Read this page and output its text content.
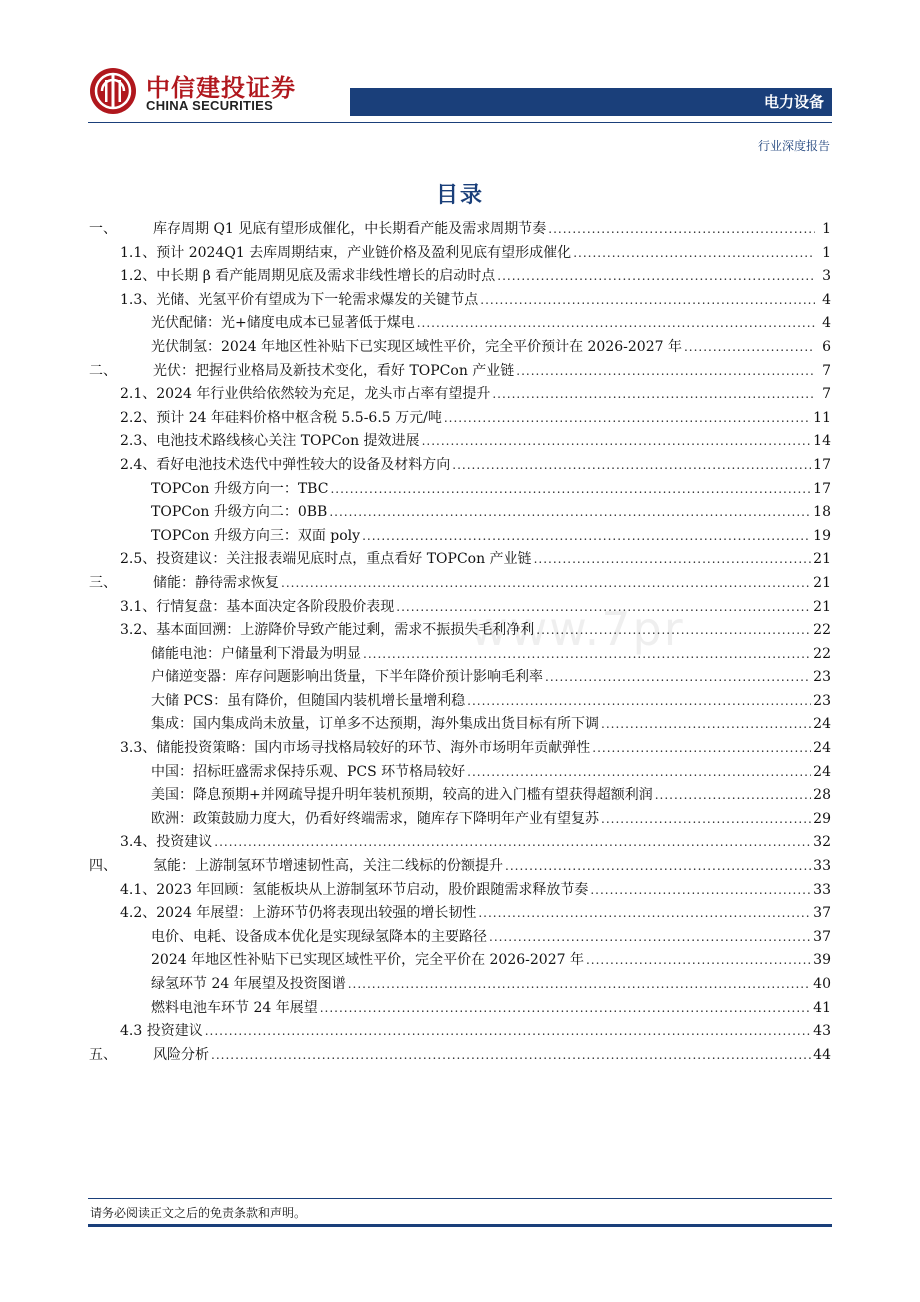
中信建投证券
CHINA SECURITIES	电力设备
行业深度报告
目录
一、	库存周期 Q1 见底有望形成催化，中长期看产能及需求周期节奏 .....	1
1.1、预计 2024Q1 去库周期结束，产业链价格及盈利见底有望形成催化 .....	1
1.2、中长期 β 看产能周期见底及需求非线性增长的启动时点 .....	3
1.3、光储、光氢平价有望成为下一轮需求爆发的关键节点 .....	4
光伏配储：光+储度电成本已显著低于煤电 .....	4
光伏制氢：2024 年地区性补贴下已实现区域性平价，完全平价预计在 2026-2027 年 .....	6
二、	光伏：把握行业格局及新技术变化，看好 TOPCon 产业链 .....	7
2.1、2024 年行业供给依然较为充足，龙头市占率有望提升 .....	7
2.2、预计 24 年硅料价格中枢含税 5.5-6.5 万元/吨 .....	11
2.3、电池技术路线核心关注 TOPCon 提效进展 .....	14
2.4、看好电池技术迭代中弹性较大的设备及材料方向 .....	17
TOPCon 升级方向一：TBC .....	17
TOPCon 升级方向二：0BB .....	18
TOPCon 升级方向三：双面 poly .....	19
2.5、投资建议：关注报表端见底时点，重点看好 TOPCon 产业链 .....	21
三、	储能：静待需求恢复 .....	21
3.1、行情复盘：基本面决定各阶段股价表现 .....	21
3.2、基本面回溯：上游降价导致产能过剩，需求不振损失毛利净利 .....	22
储能电池：户储量利下滑最为明显 .....	22
户储逆变器：库存问题影响出货量，下半年降价预计影响毛利率 .....	23
大储 PCS：虽有降价，但随国内装机增长量增利稳 .....	23
集成：国内集成尚未放量，订单多不达预期，海外集成出货目标有所下调 .....	24
3.3、储能投资策略：国内市场寻找格局较好的环节、海外市场明年贡献弹性 .....	24
中国：招标旺盛需求保持乐观、PCS 环节格局较好 .....	24
美国：降息预期+并网疏导提升明年装机预期，较高的进入门槛有望获得超额利润 .....	28
欧洲：政策鼓励力度大，仍看好终端需求，随库存下降明年产业有望复苏 .....	29
3.4、投资建议 .....	32
四、	氢能：上游制氢环节增速韧性高，关注二线标的份额提升 .....	33
4.1、2023 年回顾：氢能板块从上游制氢环节启动，股价跟随需求释放节奏 .....	33
4.2、2024 年展望：上游环节仍将表现出较强的增长韧性 .....	37
电价、电耗、设备成本优化是实现绿氢降本的主要路径 .....	37
2024 年地区性补贴下已实现区域性平价，完全平价在 2026-2027 年 .....	39
绿氢环节 24 年展望及投资图谱 .....	40
燃料电池车环节 24 年展望 .....	41
4.3 投资建议 .....	43
五、	风险分析 .....	44
www.7pr
请务必阅读正文之后的免责条款和声明。
